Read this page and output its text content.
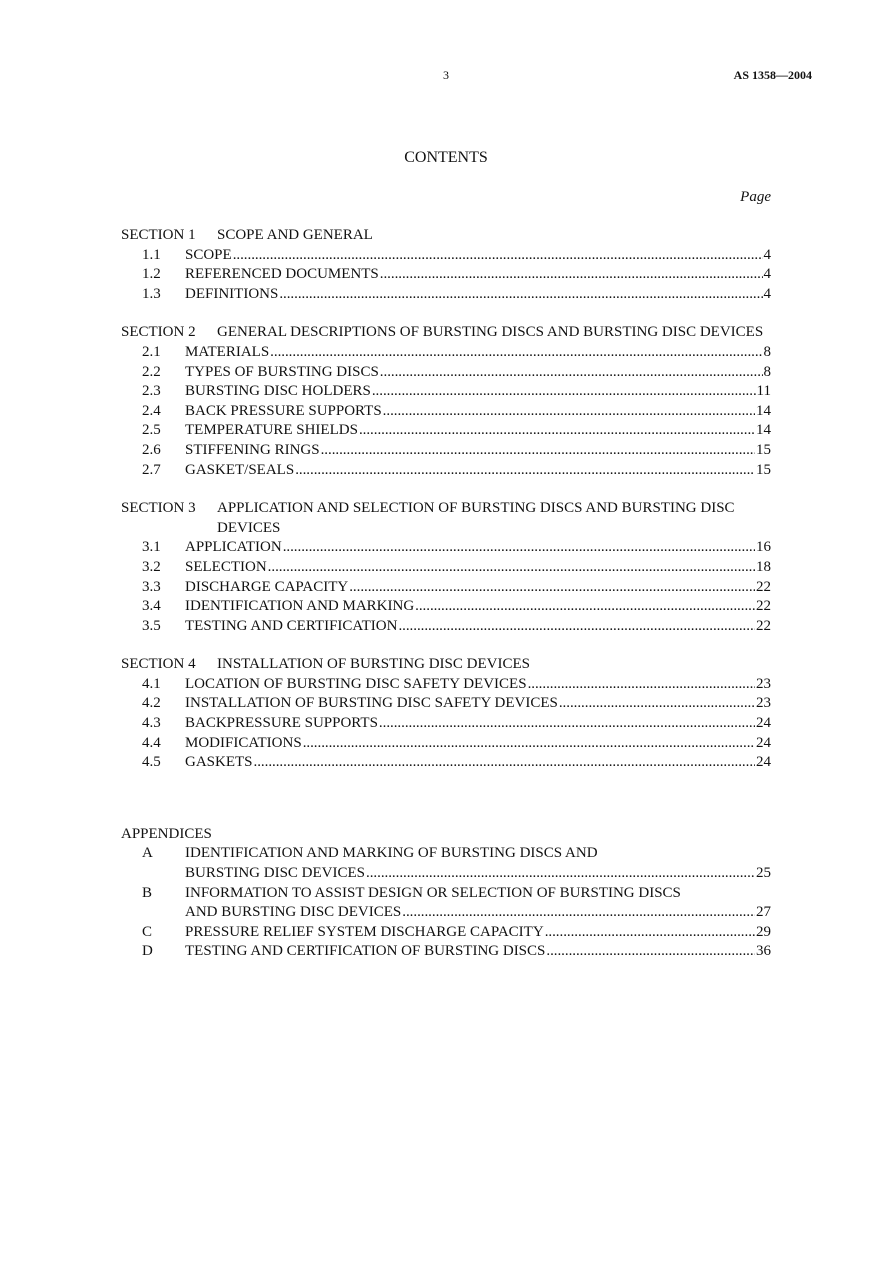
3	AS 1358—2004
CONTENTS
Page
SECTION 1	SCOPE AND GENERAL
1.1	SCOPE . . .	4
1.2	REFERENCED DOCUMENTS . . .	4
1.3	DEFINITIONS . . .	4
SECTION 2	GENERAL DESCRIPTIONS OF BURSTING DISCS AND BURSTING DISC DEVICES
2.1	MATERIALS . . .	8
2.2	TYPES OF BURSTING DISCS . . .	8
2.3	BURSTING DISC HOLDERS . . .	11
2.4	BACK PRESSURE SUPPORTS . . .	14
2.5	TEMPERATURE SHIELDS . . .	14
2.6	STIFFENING RINGS . . .	15
2.7	GASKET/SEALS . . .	15
SECTION 3	APPLICATION AND SELECTION OF BURSTING DISCS AND BURSTING DISC DEVICES
3.1	APPLICATION . . .	16
3.2	SELECTION . . .	18
3.3	DISCHARGE CAPACITY . . .	22
3.4	IDENTIFICATION AND MARKING . . .	22
3.5	TESTING AND CERTIFICATION . . .	22
SECTION 4	INSTALLATION OF BURSTING DISC DEVICES
4.1	LOCATION OF BURSTING DISC SAFETY DEVICES . . .	23
4.2	INSTALLATION OF BURSTING DISC SAFETY DEVICES . . .	23
4.3	BACKPRESSURE SUPPORTS . . .	24
4.4	MODIFICATIONS . . .	24
4.5	GASKETS . . .	24
APPENDICES
A	IDENTIFICATION AND MARKING OF BURSTING DISCS AND
BURSTING DISC DEVICES . . .	25
B	INFORMATION TO ASSIST DESIGN OR SELECTION OF BURSTING DISCS
AND BURSTING DISC DEVICES . . .	27
C	PRESSURE RELIEF SYSTEM DISCHARGE CAPACITY . . .	29
D	TESTING AND CERTIFICATION OF BURSTING DISCS . . .	36
